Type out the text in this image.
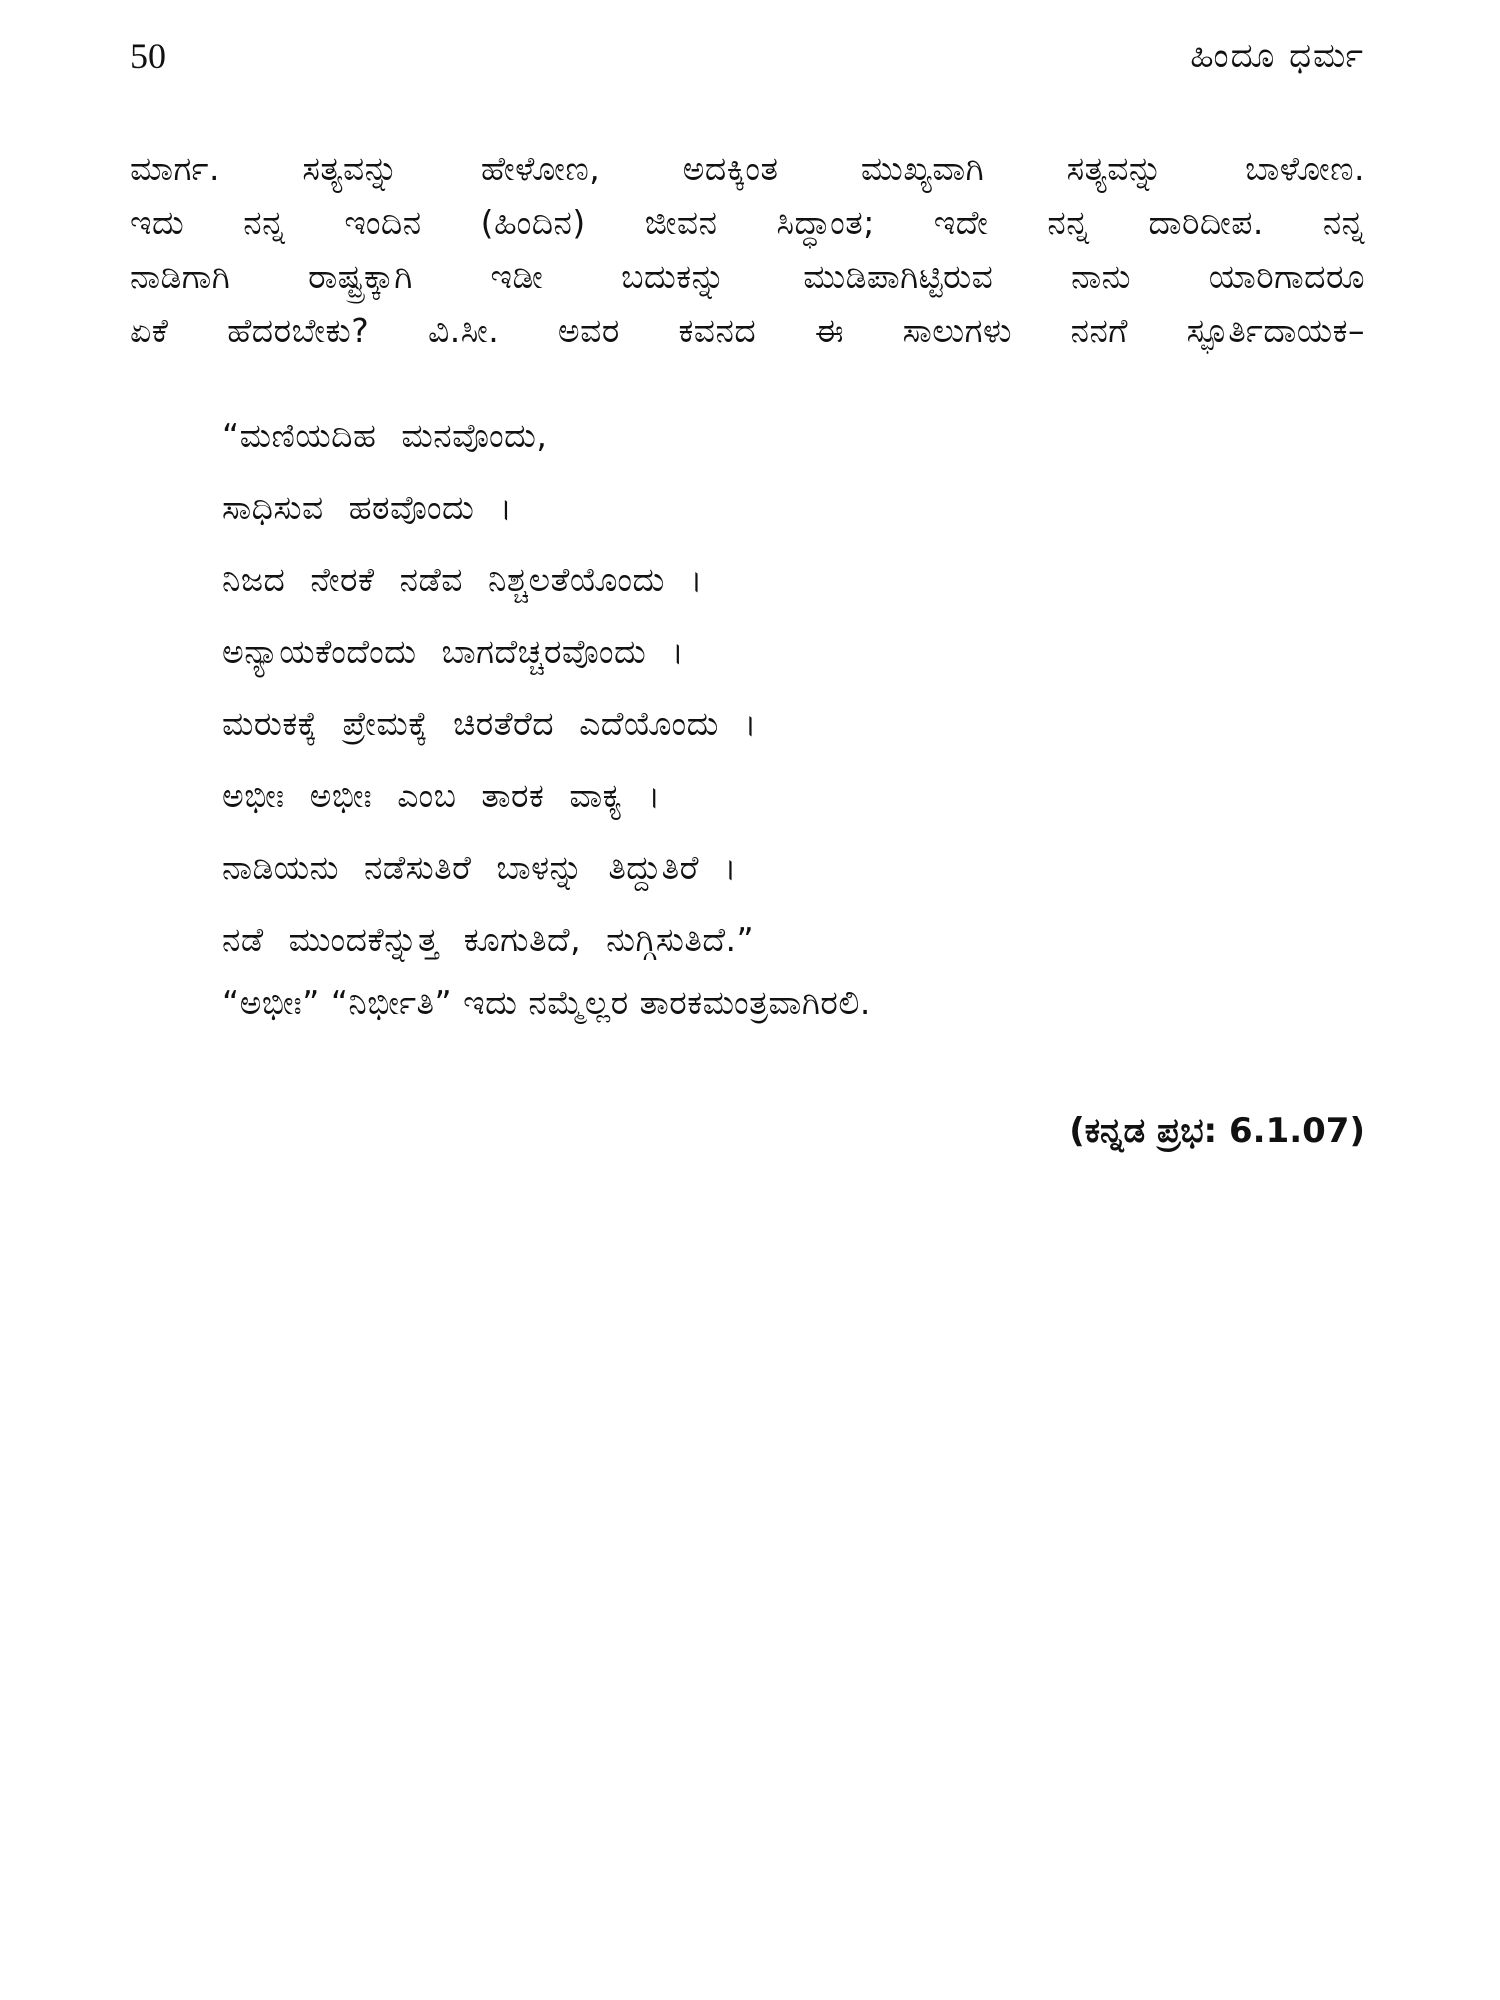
50	ಹಿಂದೂ ಧರ್ಮ
ಮಾರ್ಗ. ಸತ್ಯವನ್ನು ಹೇಳೋಣ, ಅದಕ್ಕಿಂತ ಮುಖ್ಯವಾಗಿ ಸತ್ಯವನ್ನು ಬಾಳೋಣ.
ಇದು ನನ್ನ ಇಂದಿನ (ಹಿಂದಿನ) ಜೀವನ ಸಿದ್ಧಾಂತ; ಇದೇ ನನ್ನ ದಾರಿದೀಪ. ನನ್ನ
ನಾಡಿಗಾಗಿ ರಾಷ್ಟ್ರಕ್ಕಾಗಿ ಇಡೀ ಬದುಕನ್ನು ಮುಡಿಪಾಗಿಟ್ಟಿರುವ ನಾನು ಯಾರಿಗಾದರೂ
ಏಕೆ ಹೆದರಬೇಕು? ವಿ.ಸೀ. ಅವರ ಕವನದ ಈ ಸಾಲುಗಳು ನನಗೆ ಸ್ಫೂರ್ತಿದಾಯಕ–
“ಮಣಿಯದಿಹ ಮನವೊಂದು,
ಸಾಧಿಸುವ ಹಠವೊಂದು ।
ನಿಜದ ನೇರಕೆ ನಡೆವ ನಿಶ್ಚಲತೆಯೊಂದು ।
ಅನ್ಯಾಯಕೆಂದೆಂದು ಬಾಗದೆಚ್ಚರವೊಂದು ।
ಮರುಕಕ್ಕೆ ಪ್ರೇಮಕ್ಕೆ ಚಿರತೆರೆದ ಎದೆಯೊಂದು ।
ಅಭೀಃ ಅಭೀಃ ಎಂಬ ತಾರಕ ವಾಕ್ಯ ।
ನಾಡಿಯನು ನಡೆಸುತಿರೆ ಬಾಳನ್ನು ತಿದ್ದುತಿರೆ ।
ನಡೆ ಮುಂದಕೆನ್ನುತ್ತ ಕೂಗುತಿದೆ, ನುಗ್ಗಿಸುತಿದೆ.”
“ಅಭೀಃ” “ನಿರ್ಭೀತಿ” ಇದು ನಮ್ಮೆಲ್ಲರ ತಾರಕಮಂತ್ರವಾಗಿರಲಿ.
(ಕನ್ನಡ ಪ್ರಭ: 6.1.07)
